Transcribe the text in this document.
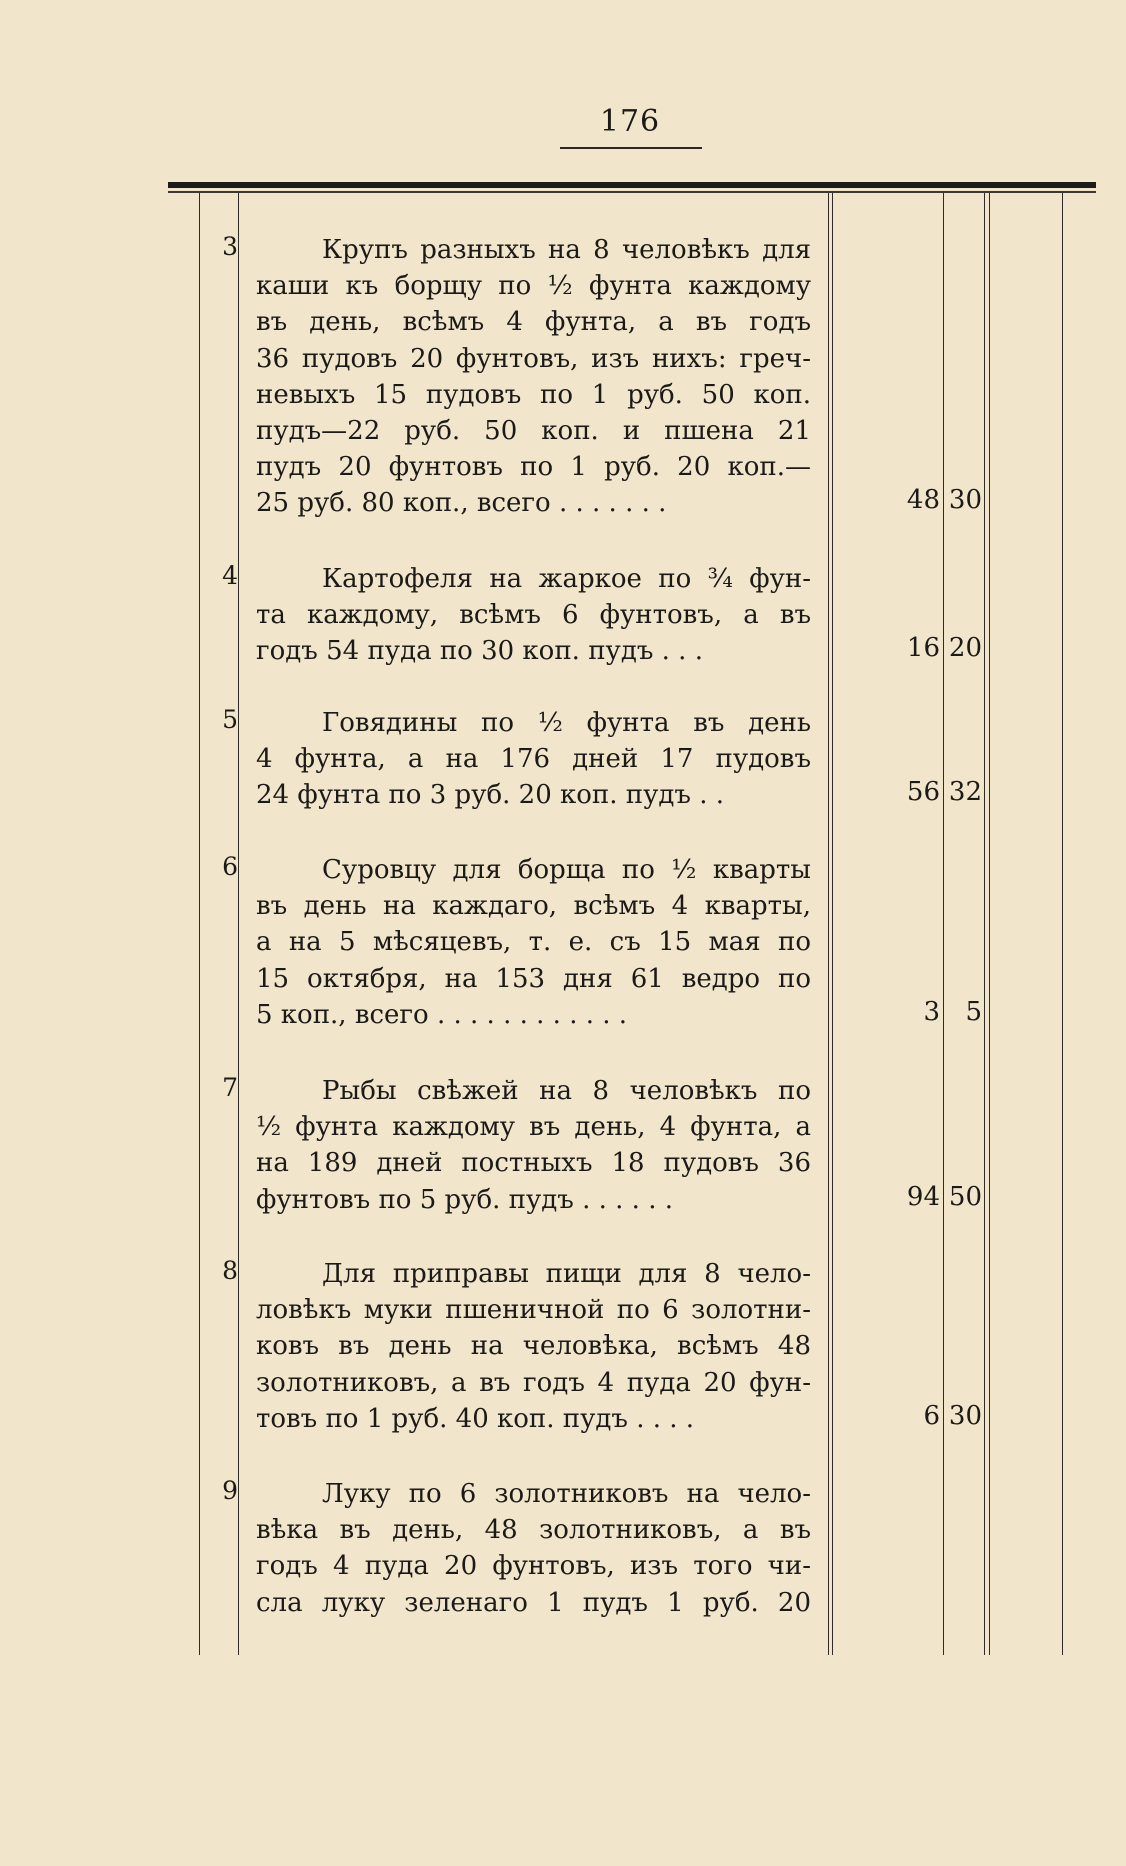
176
3	Крупъ разныхъ на 8 человѣкъ для
каши къ борщу по ½ фунта каждому
въ день, всѣмъ 4 фунта, а въ годъ
36 пудовъ 20 фунтовъ, изъ нихъ: греч-
невыхъ 15 пудовъ по 1 руб. 50 коп.
пудъ—22 руб. 50 коп. и пшена 21
пудъ 20 фунтовъ по 1 руб. 20 коп.—
25 руб. 80 коп., всего . . . . . . .	48 30
4	Картофеля на жаркое по ¾ фун-
та каждому, всѣмъ 6 фунтовъ, а въ
годъ 54 пуда по 30 коп. пудъ . . .	16 20
5	Говядины по ½ фунта въ день
4 фунта, а на 176 дней 17 пудовъ
24 фунта по 3 руб. 20 коп. пудъ . .	56 32
6	Суровцу для борща по ½ кварты
въ день на каждаго, всѣмъ 4 кварты,
а на 5 мѣсяцевъ, т. е. съ 15 мая по
15 октября, на 153 дня 61 ведро по
5 коп., всего . . . . . . . . . . . .	3 5
7	Рыбы свѣжей на 8 человѣкъ по
½ фунта каждому въ день, 4 фунта, а
на 189 дней постныхъ 18 пудовъ 36
фунтовъ по 5 руб. пудъ . . . . . .	94 50
8	Для приправы пищи для 8 чело-
ловѣкъ муки пшеничной по 6 золотни-
ковъ въ день на человѣка, всѣмъ 48
золотниковъ, а въ годъ 4 пуда 20 фун-
товъ по 1 руб. 40 коп. пудъ . . . .	6 30
9	Луку по 6 золотниковъ на чело-
вѣка въ день, 48 золотниковъ, а въ
годъ 4 пуда 20 фунтовъ, изъ того чи-
сла луку зеленаго 1 пудъ 1 руб. 20
